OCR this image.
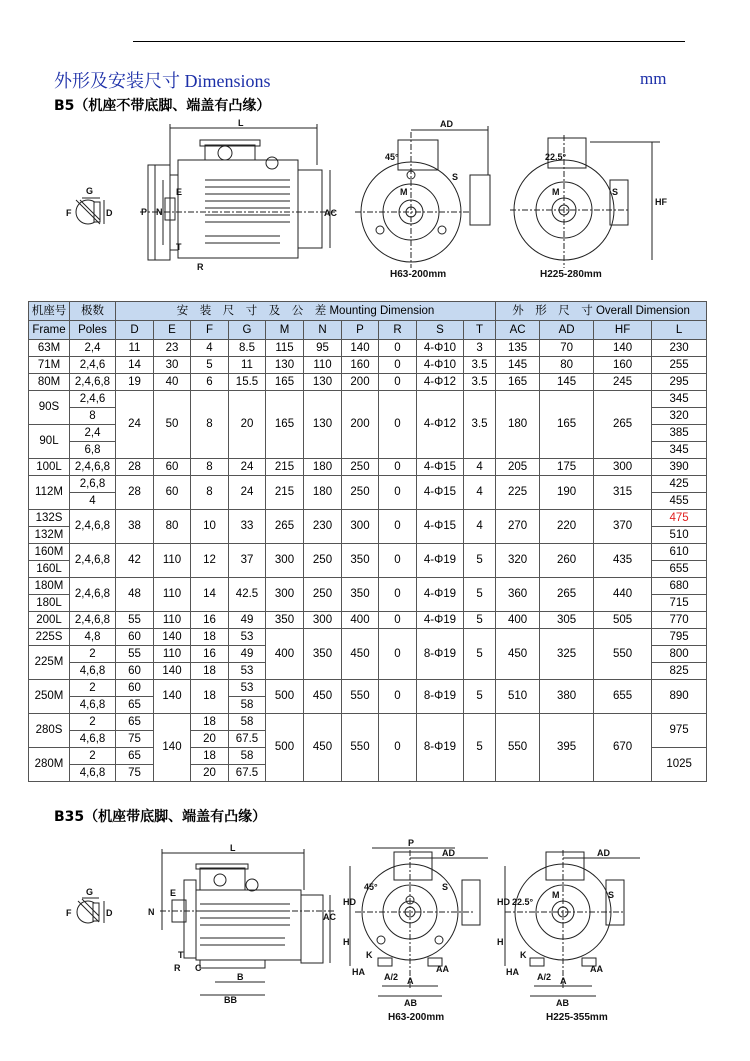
外形及安装尺寸 Dimensions	mm
B5（机座不带底脚、端盖有凸缘）
G
F	D
L
E
P N	AC
T
R
AD
45°
S
M
H63-200mm
22.5°
S
M
HF
H225-280mm
机座号	极数	安　装　尺　寸　及　公　差 Mounting Dimension										外　形　尺　寸 Overall Dimension			
Frame	Poles	D	E	F	G	M	N	P	R	S	T	AC	AD	HF	L
63M	2,4	11	23	4	8.5	115	95	140	0	4-Φ10	3	135	70	140	230
71M	2,4,6	14	30	5	11	130	110	160	0	4-Φ10	3.5	145	80	160	255
80M	2,4,6,8	19	40	6	15.5	165	130	200	0	4-Φ12	3.5	165	145	245	295
90S	2,4,6	24	50	8	20	165	130	200	0	4-Φ12	3.5	180	165	265	345
	8														320
90L	2,4														385
	6,8														345
100L	2,4,6,8	28	60	8	24	215	180	250	0	4-Φ15	4	205	175	300	390
112M	2,6,8	28	60	8	24	215	180	250	0	4-Φ15	4	225	190	315	425
	4														455
132S	2,4,6,8	38	80	10	33	265	230	300	0	4-Φ15	4	270	220	370	475
132M															510
160M	2,4,6,8	42	110	12	37	300	250	350	0	4-Φ19	5	320	260	435	610
160L															655
180M	2,4,6,8	48	110	14	42.5	300	250	350	0	4-Φ19	5	360	265	440	680
180L															715
200L	2,4,6,8	55	110	16	49	350	300	400	0	4-Φ19	5	400	305	505	770
225S	4,8	60	140	18	53	400	350	450	0	8-Φ19	5	450	325	550	795
225M	2	55	110	16	49										800
	4,6,8	60	140	18	53										825
250M	2	60	140	18	53	500	450	550	0	8-Φ19	5	510	380	655	890
	4,6,8	65			58										
280S	2	65	140	18	58	500	450	550	0	8-Φ19	5	550	395	670	975
	4,6,8	75		20	67.5										
280M	2	65		18	58										1025
	4,6,8	75		20	67.5										
B35（机座带底脚、端盖有凸缘）
G
F	D
L
E
N	AC
T
R C
B
BB
P
AD
HD
45°	S
H
K
HA A/2 A
AB
AA
H63-200mm
AD
HD 22.5°
M	S
H
K
HA A/2 A
AB
AA
H225-355mm
